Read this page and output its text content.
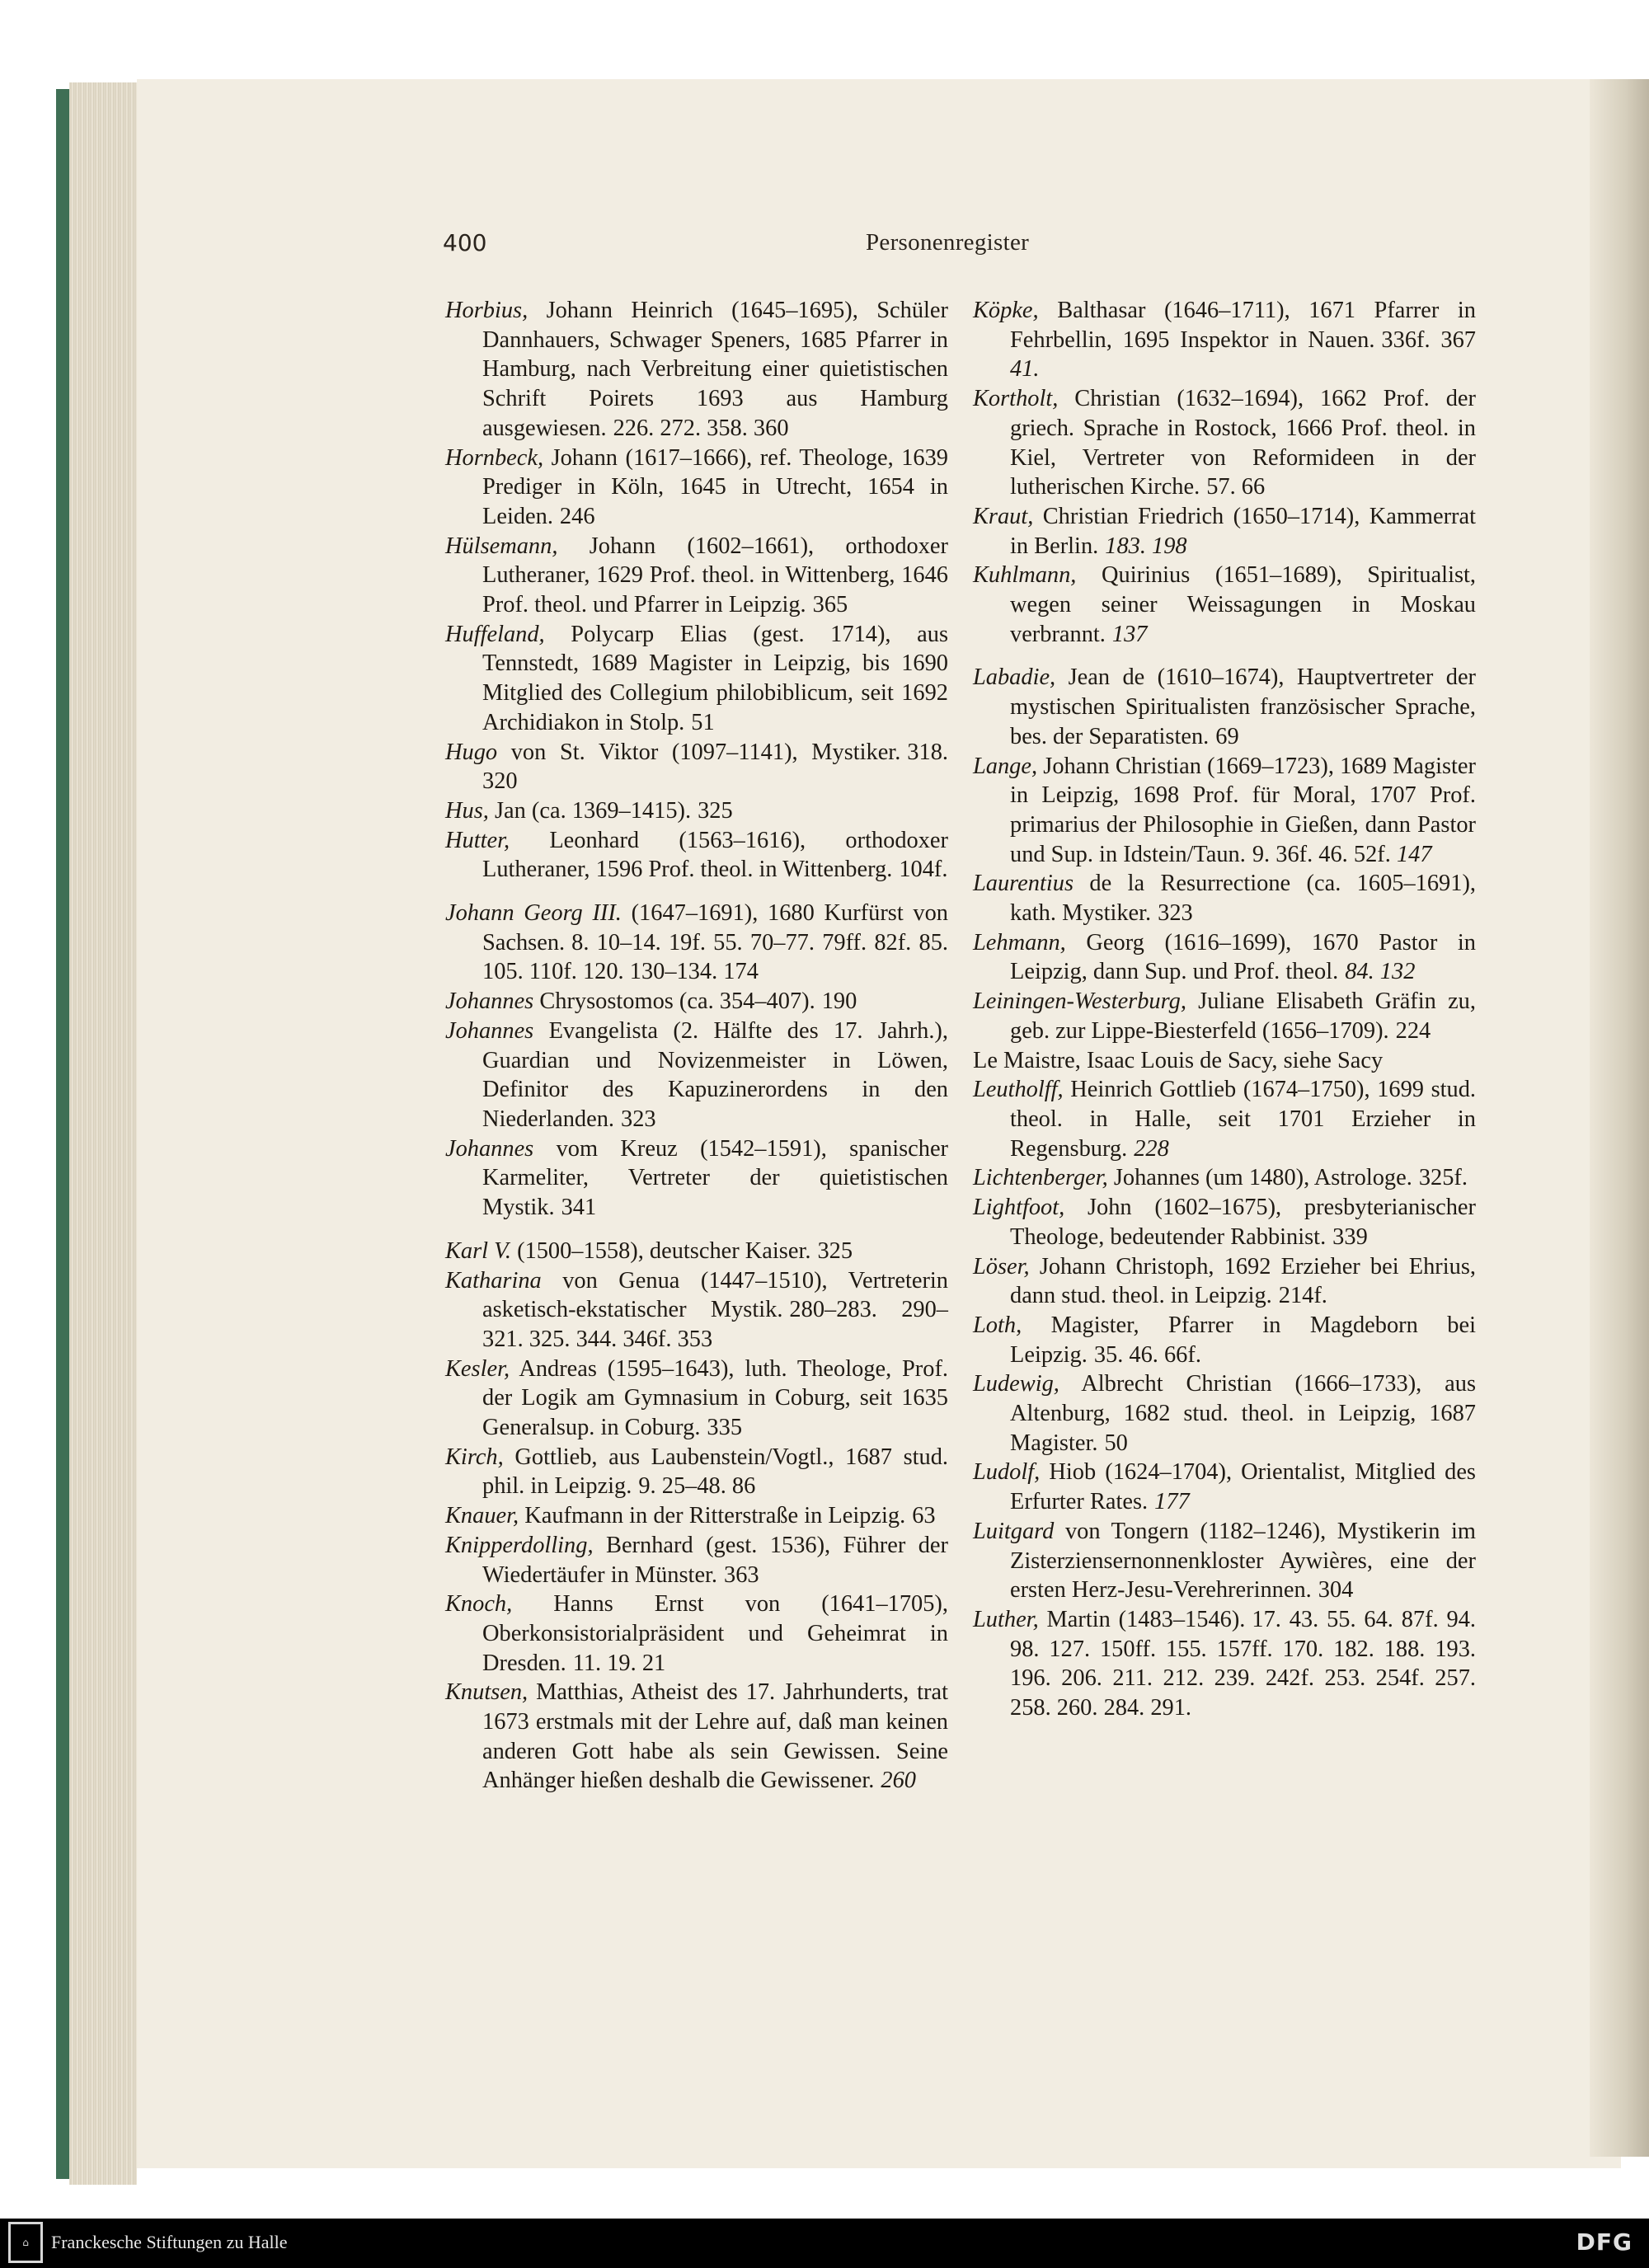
400	Personenregister

Horbius, Johann Heinrich (1645–1695), Schüler Dannhauers, Schwager Speners, 1685 Pfarrer in Hamburg, nach Verbreitung einer quietistischen Schrift Poirets 1693 aus Hamburg ausgewiesen. 226. 272. 358. 360

Hornbeck, Johann (1617–1666), ref. Theologe, 1639 Prediger in Köln, 1645 in Utrecht, 1654 in Leiden. 246

Hülsemann, Johann (1602–1661), orthodoxer Lutheraner, 1629 Prof. theol. in Wittenberg, 1646 Prof. theol. und Pfarrer in Leipzig. 365

Huffeland, Polycarp Elias (gest. 1714), aus Tennstedt, 1689 Magister in Leipzig, bis 1690 Mitglied des Collegium philobiblicum, seit 1692 Archidiakon in Stolp. 51

Hugo von St. Viktor (1097–1141), Mystiker. 318. 320

Hus, Jan (ca. 1369–1415). 325

Hutter, Leonhard (1563–1616), orthodoxer Lutheraner, 1596 Prof. theol. in Wittenberg. 104f.

Johann Georg III. (1647–1691), 1680 Kurfürst von Sachsen. 8. 10–14. 19f. 55. 70–77. 79ff. 82f. 85. 105. 110f. 120. 130–134. 174

Johannes Chrysostomos (ca. 354–407). 190

Johannes Evangelista (2. Hälfte des 17. Jahrh.), Guardian und Novizenmeister in Löwen, Definitor des Kapuzinerordens in den Niederlanden. 323

Johannes vom Kreuz (1542–1591), spanischer Karmeliter, Vertreter der quietistischen Mystik. 341

Karl V. (1500–1558), deutscher Kaiser. 325

Katharina von Genua (1447–1510), Vertreterin asketisch-ekstatischer Mystik. 280–283. 290–321. 325. 344. 346f. 353

Kesler, Andreas (1595–1643), luth. Theologe, Prof. der Logik am Gymnasium in Coburg, seit 1635 Generalsup. in Coburg. 335

Kirch, Gottlieb, aus Laubenstein/Vogtl., 1687 stud. phil. in Leipzig. 9. 25–48. 86

Knauer, Kaufmann in der Ritterstraße in Leipzig. 63

Knipperdolling, Bernhard (gest. 1536), Führer der Wiedertäufer in Münster. 363

Knoch, Hanns Ernst von (1641–1705), Oberkonsistorialpräsident und Geheimrat in Dresden. 11. 19. 21

Knutsen, Matthias, Atheist des 17. Jahrhunderts, trat 1673 erstmals mit der Lehre auf, daß man keinen anderen Gott habe als sein Gewissen. Seine Anhänger hießen deshalb die Gewissener. 260

Köpke, Balthasar (1646–1711), 1671 Pfarrer in Fehrbellin, 1695 Inspektor in Nauen. 336f. 367 41.

Kortholt, Christian (1632–1694), 1662 Prof. der griech. Sprache in Rostock, 1666 Prof. theol. in Kiel, Vertreter von Reformideen in der lutherischen Kirche. 57. 66

Kraut, Christian Friedrich (1650–1714), Kammerrat in Berlin. 183. 198

Kuhlmann, Quirinius (1651–1689), Spiritualist, wegen seiner Weissagungen in Moskau verbrannt. 137

Labadie, Jean de (1610–1674), Hauptvertreter der mystischen Spiritualisten französischer Sprache, bes. der Separatisten. 69

Lange, Johann Christian (1669–1723), 1689 Magister in Leipzig, 1698 Prof. für Moral, 1707 Prof. primarius der Philosophie in Gießen, dann Pastor und Sup. in Idstein/Taun. 9. 36f. 46. 52f. 147

Laurentius de la Resurrectione (ca. 1605–1691), kath. Mystiker. 323

Lehmann, Georg (1616–1699), 1670 Pastor in Leipzig, dann Sup. und Prof. theol. 84. 132

Leiningen-Westerburg, Juliane Elisabeth Gräfin zu, geb. zur Lippe-Biesterfeld (1656–1709). 224

Le Maistre, Isaac Louis de Sacy, siehe Sacy

Leutholff, Heinrich Gottlieb (1674–1750), 1699 stud. theol. in Halle, seit 1701 Erzieher in Regensburg. 228

Lichtenberger, Johannes (um 1480), Astrologe. 325f.

Lightfoot, John (1602–1675), presbyterianischer Theologe, bedeutender Rabbinist. 339

Löser, Johann Christoph, 1692 Erzieher bei Ehrius, dann stud. theol. in Leipzig. 214f.

Loth, Magister, Pfarrer in Magdeborn bei Leipzig. 35. 46. 66f.

Ludewig, Albrecht Christian (1666–1733), aus Altenburg, 1682 stud. theol. in Leipzig, 1687 Magister. 50

Ludolf, Hiob (1624–1704), Orientalist, Mitglied des Erfurter Rates. 177

Luitgard von Tongern (1182–1246), Mystikerin im Zisterziensernonnenkloster Aywières, eine der ersten Herz-Jesu-Verehrerinnen. 304

Luther, Martin (1483–1546). 17. 43. 55. 64. 87f. 94. 98. 127. 150ff. 155. 157ff. 170. 182. 188. 193. 196. 206. 211. 212. 239. 242f. 253. 254f. 257. 258. 260. 284. 291.

⌂	Franckesche Stiftungen zu Halle	DFG
